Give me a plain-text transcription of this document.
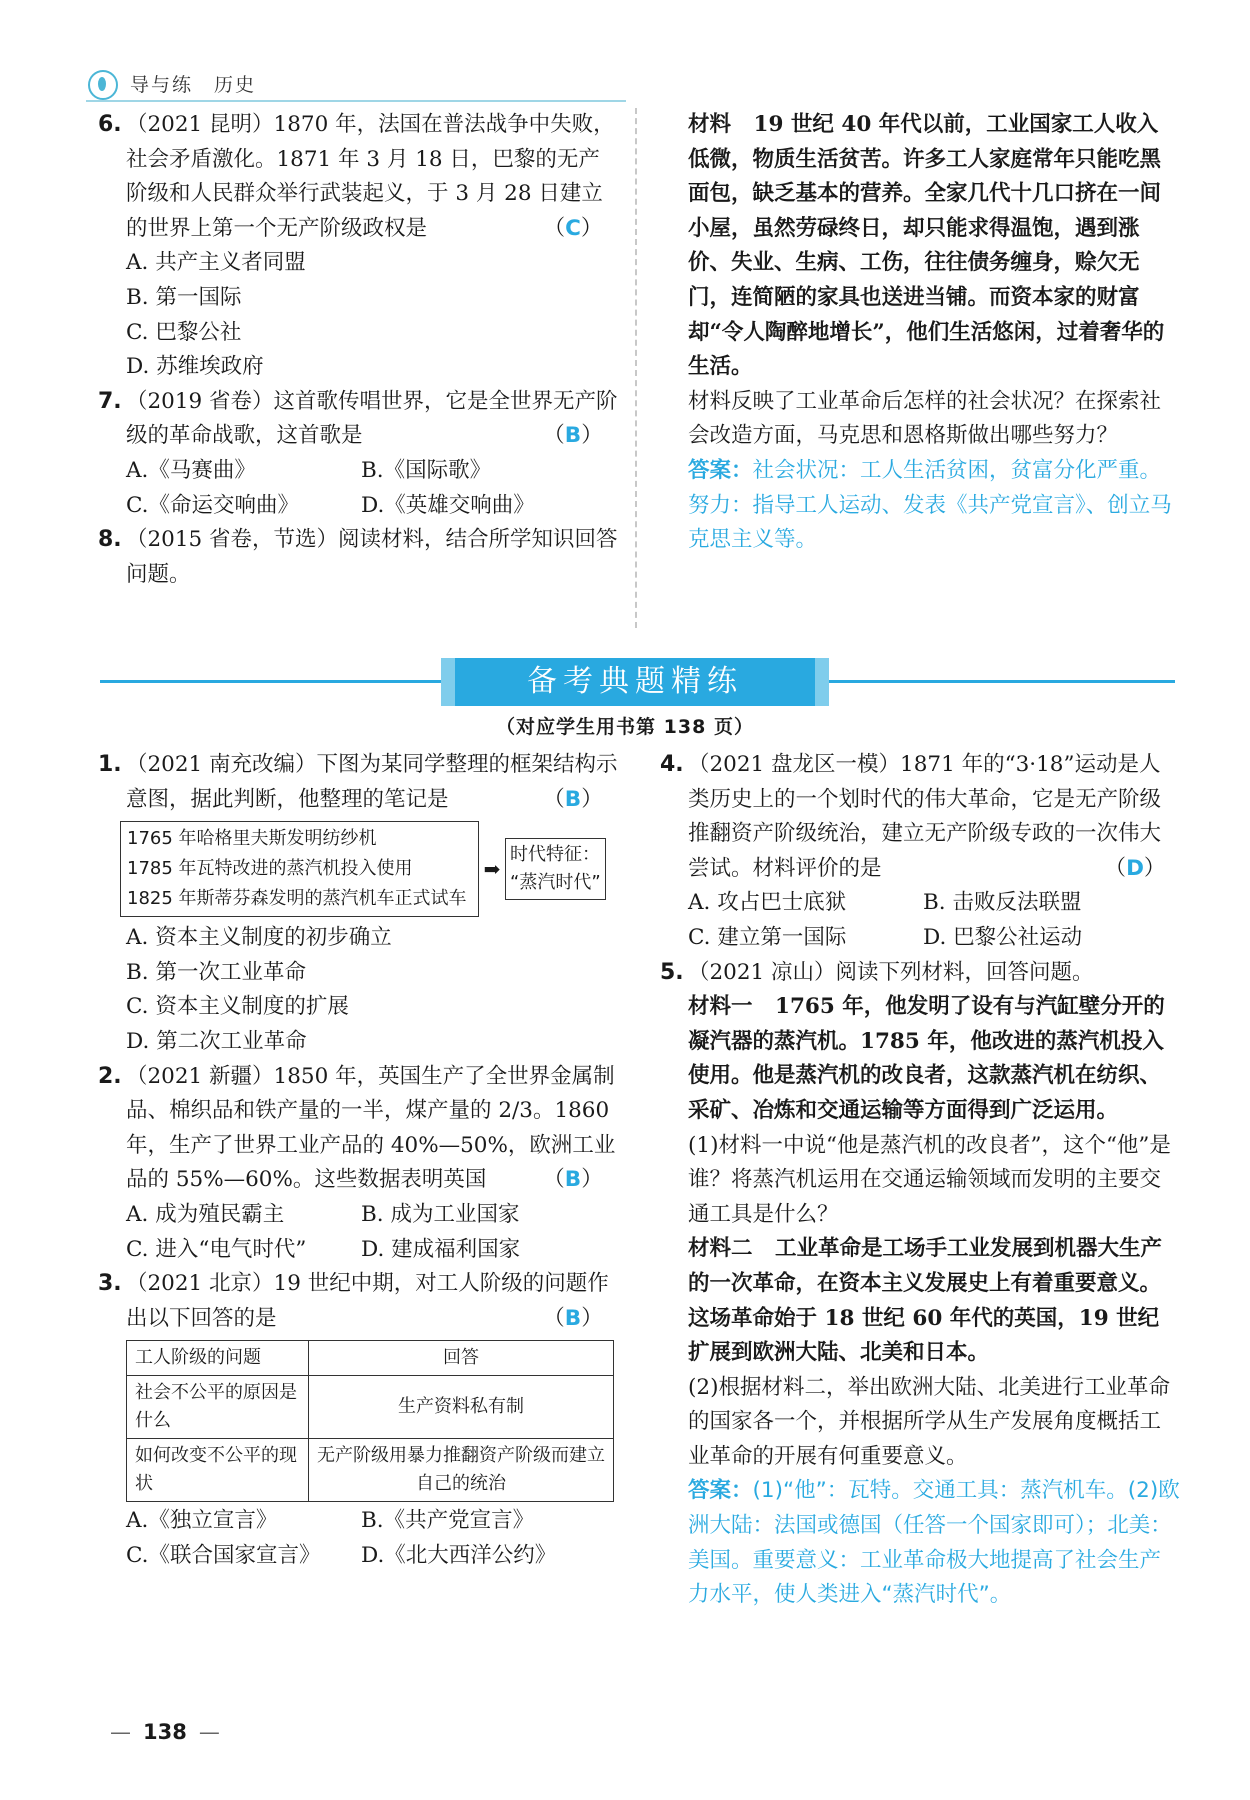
导与练　历史
6. （2021 昆明）1870 年，法国在普法战争中失败，社会矛盾激化。1871 年 3 月 18 日，巴黎的无产阶级和人民群众举行武装起义，于 3 月 28 日建立的世界上第一个无产阶级政权是	（C）
A. 共产主义者同盟
B. 第一国际
C. 巴黎公社
D. 苏维埃政府
7. （2019 省卷）这首歌传唱世界，它是全世界无产阶级的革命战歌，这首歌是	（B）
A.《马赛曲》	B.《国际歌》
C.《命运交响曲》	D.《英雄交响曲》
8. （2015 省卷，节选）阅读材料，结合所学知识回答问题。
材料 19 世纪 40 年代以前，工业国家工人收入低微，物质生活贫苦。许多工人家庭常年只能吃黑面包，缺乏基本的营养。全家几代十几口挤在一间小屋，虽然劳碌终日，却只能求得温饱，遇到涨价、失业、生病、工伤，往往债务缠身，赊欠无门，连简陋的家具也送进当铺。而资本家的财富却“令人陶醉地增长”，他们生活悠闲，过着奢华的生活。
材料反映了工业革命后怎样的社会状况？在探索社会改造方面，马克思和恩格斯做出哪些努力？
答案：社会状况：工人生活贫困，贫富分化严重。努力：指导工人运动、发表《共产党宣言》、创立马克思主义等。
备考典题精练
（对应学生用书第 138 页）
1. （2021 南充改编）下图为某同学整理的框架结构示意图，据此判断，他整理的笔记是	（B）
1765 年哈格里夫斯发明纺纱机
1785 年瓦特改进的蒸汽机投入使用
1825 年斯蒂芬森发明的蒸汽机车正式试车
➡
时代特征：
“蒸汽时代”
A. 资本主义制度的初步确立
B. 第一次工业革命
C. 资本主义制度的扩展
D. 第二次工业革命
2. （2021 新疆）1850 年，英国生产了全世界金属制品、棉织品和铁产量的一半，煤产量的 2/3。1860 年，生产了世界工业产品的 40%—50%，欧洲工业品的 55%—60%。这些数据表明英国	（B）
A. 成为殖民霸主	B. 成为工业国家
C. 进入“电气时代”	D. 建成福利国家
3. （2021 北京）19 世纪中期，对工人阶级的问题作出以下回答的是	（B）
工人阶级的问题	回答
社会不公平的原因是什么	生产资料私有制
如何改变不公平的现状	无产阶级用暴力推翻资产阶级而建立自己的统治
A.《独立宣言》	B.《共产党宣言》
C.《联合国家宣言》	D.《北大西洋公约》
4. （2021 盘龙区一模）1871 年的“3·18”运动是人类历史上的一个划时代的伟大革命，它是无产阶级推翻资产阶级统治，建立无产阶级专政的一次伟大尝试。材料评价的是	（D）
A. 攻占巴士底狱	B. 击败反法联盟
C. 建立第一国际	D. 巴黎公社运动
5. （2021 凉山）阅读下列材料，回答问题。
材料一 1765 年，他发明了设有与汽缸壁分开的凝汽器的蒸汽机。1785 年，他改进的蒸汽机投入使用。他是蒸汽机的改良者，这款蒸汽机在纺织、采矿、冶炼和交通运输等方面得到广泛运用。
(1)材料一中说“他是蒸汽机的改良者”，这个“他”是谁？将蒸汽机运用在交通运输领域而发明的主要交通工具是什么？
材料二 工业革命是工场手工业发展到机器大生产的一次革命，在资本主义发展史上有着重要意义。这场革命始于 18 世纪 60 年代的英国，19 世纪扩展到欧洲大陆、北美和日本。
(2)根据材料二，举出欧洲大陆、北美进行工业革命的国家各一个，并根据所学从生产发展角度概括工业革命的开展有何重要意义。
答案：(1)“他”：瓦特。交通工具：蒸汽机车。(2)欧洲大陆：法国或德国（任答一个国家即可）；北美：美国。重要意义：工业革命极大地提高了社会生产力水平，使人类进入“蒸汽时代”。
— 138 —
